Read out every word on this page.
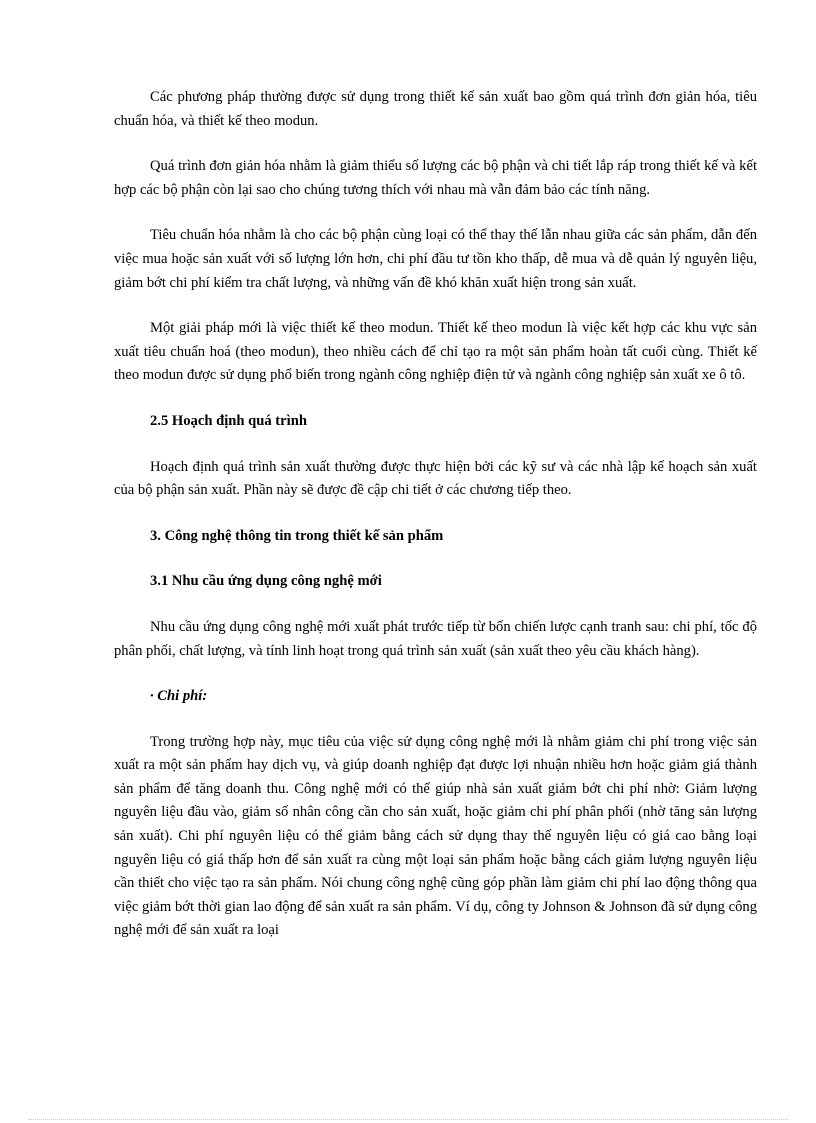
Các phương pháp thường được sử dụng trong thiết kế sản xuất bao gồm quá trình đơn giản hóa, tiêu chuẩn hóa, và thiết kế theo modun.

Quá trình đơn giản hóa nhằm là giảm thiểu số lượng các bộ phận và chi tiết lắp ráp trong thiết kế và kết hợp các bộ phận còn lại sao cho chúng tương thích với nhau mà vẫn đảm bảo các tính năng.

Tiêu chuẩn hóa nhằm là cho các bộ phận cùng loại có thể thay thế lẫn nhau giữa các sản phẩm, dẫn đến việc mua hoặc sản xuất với số lượng lớn hơn, chi phí đầu tư tồn kho thấp, dễ mua và dễ quản lý nguyên liệu, giảm bớt chi phí kiểm tra chất lượng, và những vấn đề khó khăn xuất hiện trong sản xuất.

Một giải pháp mới là việc thiết kế theo modun. Thiết kế theo modun là việc kết hợp các khu vực sản xuất tiêu chuẩn hoá (theo modun), theo nhiều cách để chỉ tạo ra một sản phẩm hoàn tất cuối cùng. Thiết kế theo modun được sử dụng phổ biến trong ngành công nghiệp điện tử và ngành công nghiệp sản xuất xe ô tô.

2.5 Hoạch định quá trình

Hoạch định quá trình sản xuất thường được thực hiện bởi các kỹ sư và các nhà lập kế hoạch sản xuất của bộ phận sản xuất. Phần này sẽ được đề cập chi tiết ở các chương tiếp theo.

3. Công nghệ thông tin trong thiết kế sản phẩm

3.1 Nhu cầu ứng dụng công nghệ mới

Nhu cầu ứng dụng công nghệ mới xuất phát trước tiếp từ bốn chiến lược cạnh tranh sau: chi phí, tốc độ phân phối, chất lượng, và tính linh hoạt trong quá trình sản xuất (sản xuất theo yêu cầu khách hàng).

· Chi phí:

Trong trường hợp này, mục tiêu của việc sử dụng công nghệ mới là nhằm giảm chi phí trong việc sản xuất ra một sản phẩm hay dịch vụ, và giúp doanh nghiệp đạt được lợi nhuận nhiều hơn hoặc giảm giá thành sản phẩm để tăng doanh thu. Công nghệ mới có thể giúp nhà sản xuất giảm bớt chi phí nhờ: Giảm lượng nguyên liệu đầu vào, giảm số nhân công cần cho sản xuất, hoặc giảm chi phí phân phối (nhờ tăng sản lượng sản xuất). Chi phí nguyên liệu có thể giảm bằng cách sử dụng thay thế nguyên liệu có giá cao bằng loại nguyên liệu có giá thấp hơn để sản xuất ra cùng một loại sản phẩm hoặc bằng cách giảm lượng nguyên liệu cần thiết cho việc tạo ra sản phẩm. Nói chung công nghệ cũng góp phần làm giảm chi phí lao động thông qua việc giảm bớt thời gian lao động để sản xuất ra sản phẩm. Ví dụ, công ty Johnson & Johnson đã sử dụng công nghệ mới để sản xuất ra loại
